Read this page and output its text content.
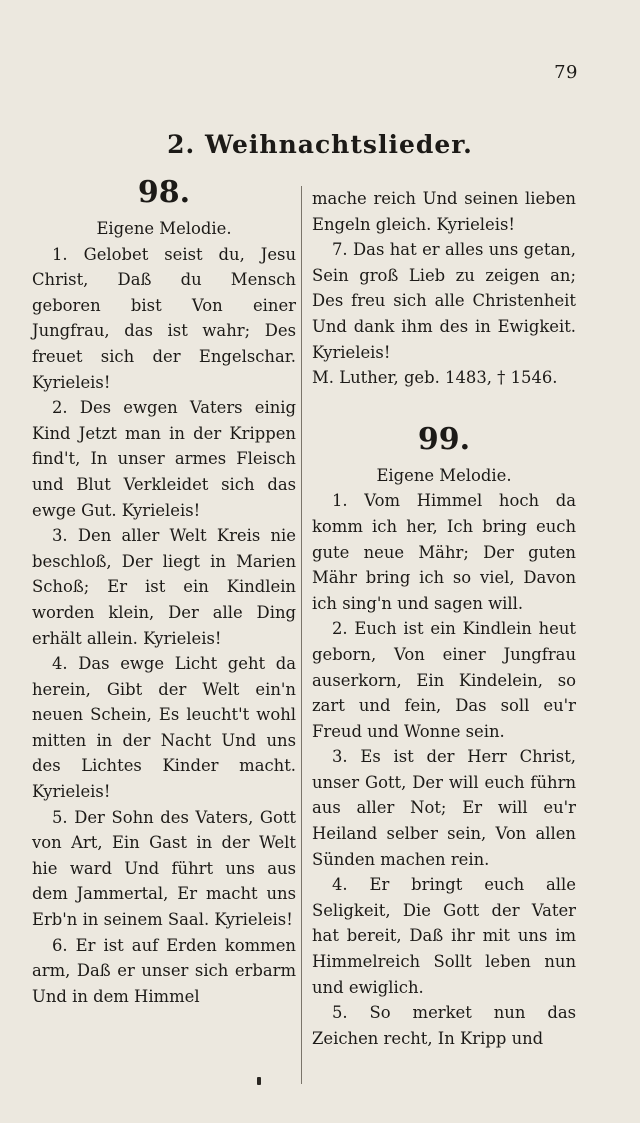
79
2. Weihnachtslieder.
98.
Eigene Melodie.

1. Gelobet seist du, Jesu Christ, Daß du Mensch geboren bist Von einer Jungfrau, das ist wahr; Des freuet sich der Engelschar. Kyrieleis!

2. Des ewgen Vaters einig Kind Jetzt man in der Krippen find't, In unser armes Fleisch und Blut Verkleidet sich das ewge Gut. Kyrieleis!

3. Den aller Welt Kreis nie beschloß, Der liegt in Marien Schoß; Er ist ein Kindlein worden klein, Der alle Ding erhält allein. Kyrieleis!

4. Das ewge Licht geht da herein, Gibt der Welt ein'n neuen Schein, Es leucht't wohl mitten in der Nacht Und uns des Lichtes Kinder macht. Kyrieleis!

5. Der Sohn des Vaters, Gott von Art, Ein Gast in der Welt hie ward Und führt uns aus dem Jammertal, Er macht uns Erb'n in seinem Saal. Kyrieleis!

6. Er ist auf Erden kommen arm, Daß er unser sich erbarm Und in dem Himmel

mache reich Und seinen lieben Engeln gleich. Kyrieleis!

7. Das hat er alles uns getan, Sein groß Lieb zu zeigen an; Des freu sich alle Christenheit Und dank ihm des in Ewigkeit. Kyrieleis!

M. Luther, geb. 1483, † 1546.

99.
Eigene Melodie.

1. Vom Himmel hoch da komm ich her, Ich bring euch gute neue Mähr; Der guten Mähr bring ich so viel, Davon ich sing'n und sagen will.

2. Euch ist ein Kindlein heut geborn, Von einer Jungfrau auserkorn, Ein Kindelein, so zart und fein, Das soll eu'r Freud und Wonne sein.

3. Es ist der Herr Christ, unser Gott, Der will euch führn aus aller Not; Er will eu'r Heiland selber sein, Von allen Sünden machen rein.

4. Er bringt euch alle Seligkeit, Die Gott der Vater hat bereit, Daß ihr mit uns im Himmelreich Sollt leben nun und ewiglich.

5. So merket nun das Zeichen recht, In Kripp und
